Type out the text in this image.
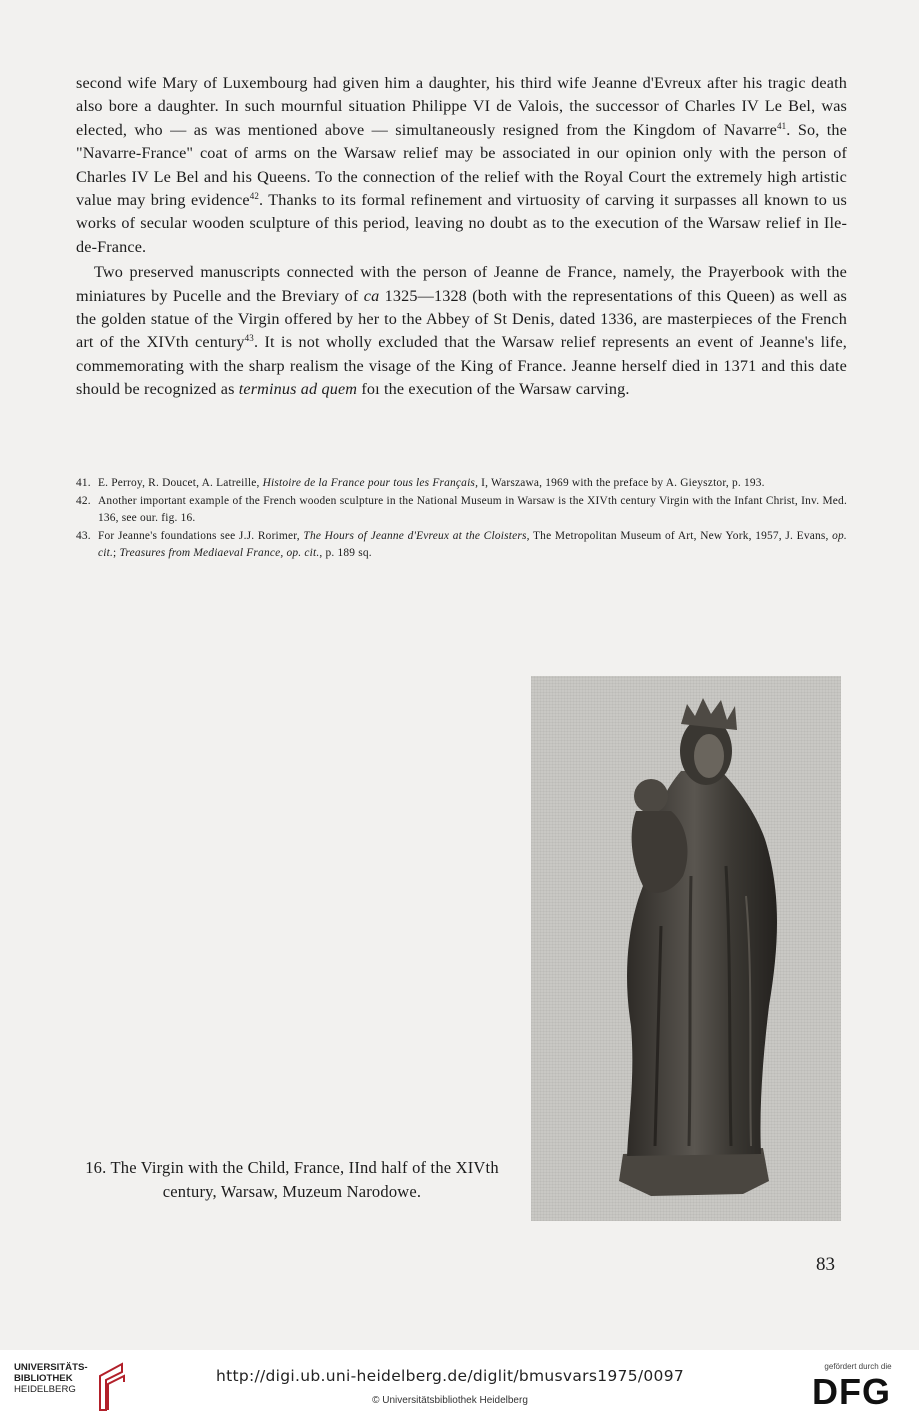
second wife Mary of Luxembourg had given him a daughter, his third wife Jeanne d'Evreux after his tragic death also bore a daughter. In such mournful situation Philippe VI de Valois, the successor of Charles IV Le Bel, was elected, who — as was mentioned above — simultaneously resigned from the Kingdom of Navarre$^{41}$. So, the "Navarre-France" coat of arms on the Warsaw relief may be associated in our opinion only with the person of Charles IV Le Bel and his Queens. To the connection of the relief with the Royal Court the extremely high artistic value may bring evidence$^{42}$. Thanks to its formal refinement and virtuosity of carving it surpasses all known to us works of secular wooden sculpture of this period, leaving no doubt as to the execution of the Warsaw relief in Ile-de-France.

Two preserved manuscripts connected with the person of Jeanne de France, namely, the Prayerbook with the miniatures by Pucelle and the Breviary of ca 1325—1328 (both with the representations of this Queen) as well as the golden statue of the Virgin offered by her to the Abbey of St Denis, dated 1336, are masterpieces of the French art of the XIVth century$^{43}$. It is not wholly excluded that the Warsaw relief represents an event of Jeanne's life, commemorating with the sharp realism the visage of the King of France. Jeanne herself died in 1371 and this date should be recognized as terminus ad quem foı the execution of the Warsaw carving.

41. E. Perroy, R. Doucet, A. Latreille, Histoire de la France pour tous les Français, I, Warszawa, 1969 with the preface by A. Gieysztor, p. 193.

42. Another important example of the French wooden sculpture in the National Museum in Warsaw is the XIVth century Virgin with the Infant Christ, Inv. Med. 136, see our. fig. 16.

43. For Jeanne's foundations see J.J. Rorimer, The Hours of Jeanne d'Evreux at the Cloisters, The Metropolitan Museum of Art, New York, 1957, J. Evans, op. cit.; Treasures from Mediaeval France, op. cit., p. 189 sq.

16. The Virgin with the Child, France, IInd half of the XIVth century, Warsaw, Muzeum Narodowe.
83
UNIVERSITÄTS-
BIBLIOTHEK
HEIDELBERG
http://digi.ub.uni-heidelberg.de/diglit/bmusvars1975/0097
© Universitätsbibliothek Heidelberg
gefördert durch die
DFG
